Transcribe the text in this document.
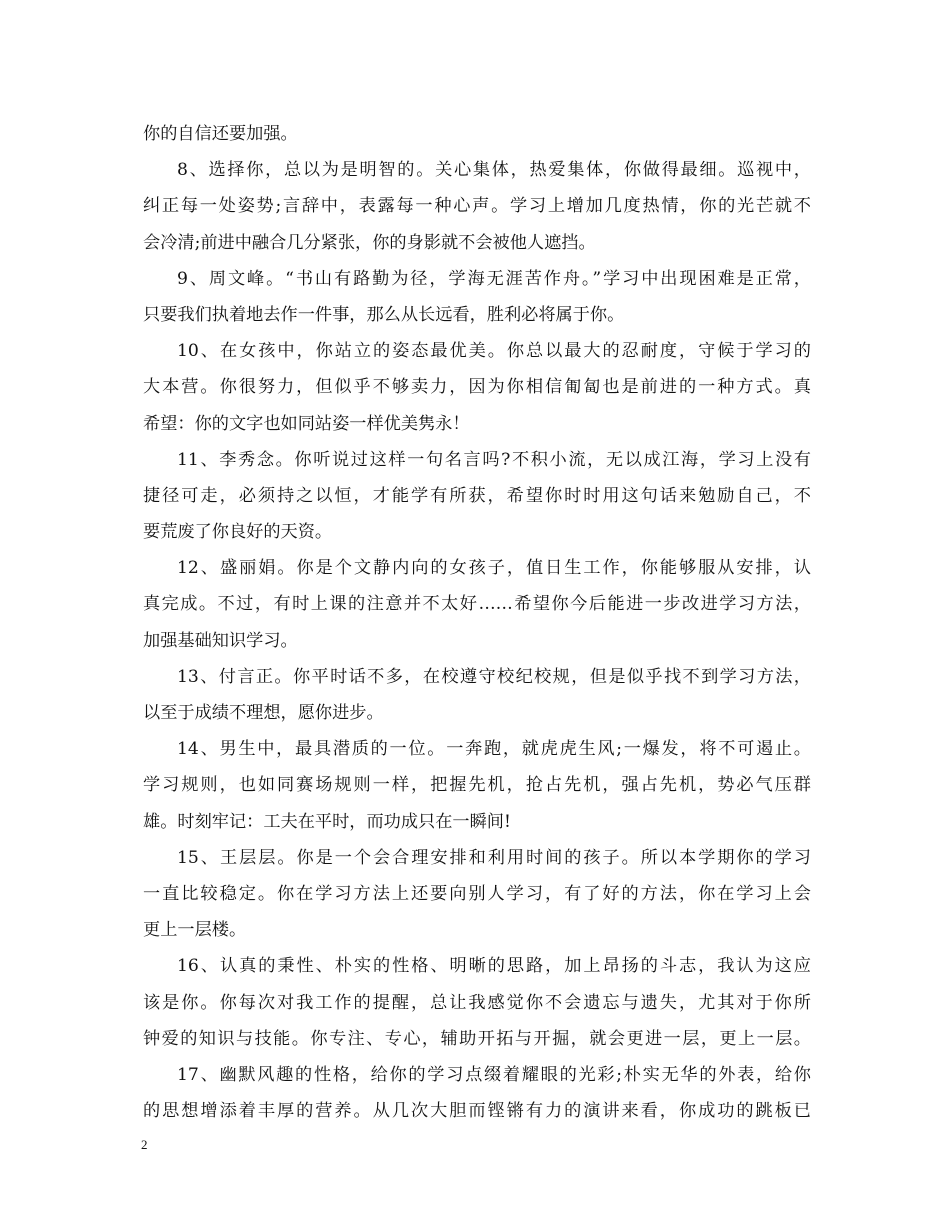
你的自信还要加强。
8、选择你，总以为是明智的。关心集体，热爱集体，你做得最细。巡视中，
纠正每一处姿势;言辞中，表露每一种心声。学习上增加几度热情，你的光芒就不
会冷清;前进中融合几分紧张，你的身影就不会被他人遮挡。
9、周文峰。“书山有路勤为径，学海无涯苦作舟。”学习中出现困难是正常，
只要我们执着地去作一件事，那么从长远看，胜利必将属于你。
10、在女孩中，你站立的姿态最优美。你总以最大的忍耐度，守候于学习的
大本营。你很努力，但似乎不够卖力，因为你相信匍匐也是前进的一种方式。真
希望：你的文字也如同站姿一样优美隽永！
11、李秀念。你听说过这样一句名言吗?不积小流，无以成江海，学习上没有
捷径可走，必须持之以恒，才能学有所获，希望你时时用这句话来勉励自己，不
要荒废了你良好的天资。
12、盛丽娟。你是个文静内向的女孩子，值日生工作，你能够服从安排，认
真完成。不过，有时上课的注意并不太好……希望你今后能进一步改进学习方法，
加强基础知识学习。
13、付言正。你平时话不多，在校遵守校纪校规，但是似乎找不到学习方法，
以至于成绩不理想，愿你进步。
14、男生中，最具潜质的一位。一奔跑，就虎虎生风;一爆发，将不可遏止。
学习规则，也如同赛场规则一样，把握先机，抢占先机，强占先机，势必气压群
雄。时刻牢记：工夫在平时，而功成只在一瞬间!
15、王层层。你是一个会合理安排和利用时间的孩子。所以本学期你的学习
一直比较稳定。你在学习方法上还要向别人学习，有了好的方法，你在学习上会
更上一层楼。
16、认真的秉性、朴实的性格、明晰的思路，加上昂扬的斗志，我认为这应
该是你。你每次对我工作的提醒，总让我感觉你不会遗忘与遗失，尤其对于你所
钟爱的知识与技能。你专注、专心，辅助开拓与开掘，就会更进一层，更上一层。
17、幽默风趣的性格，给你的学习点缀着耀眼的光彩;朴实无华的外表，给你
的思想增添着丰厚的营养。从几次大胆而铿锵有力的演讲来看，你成功的跳板已
2
